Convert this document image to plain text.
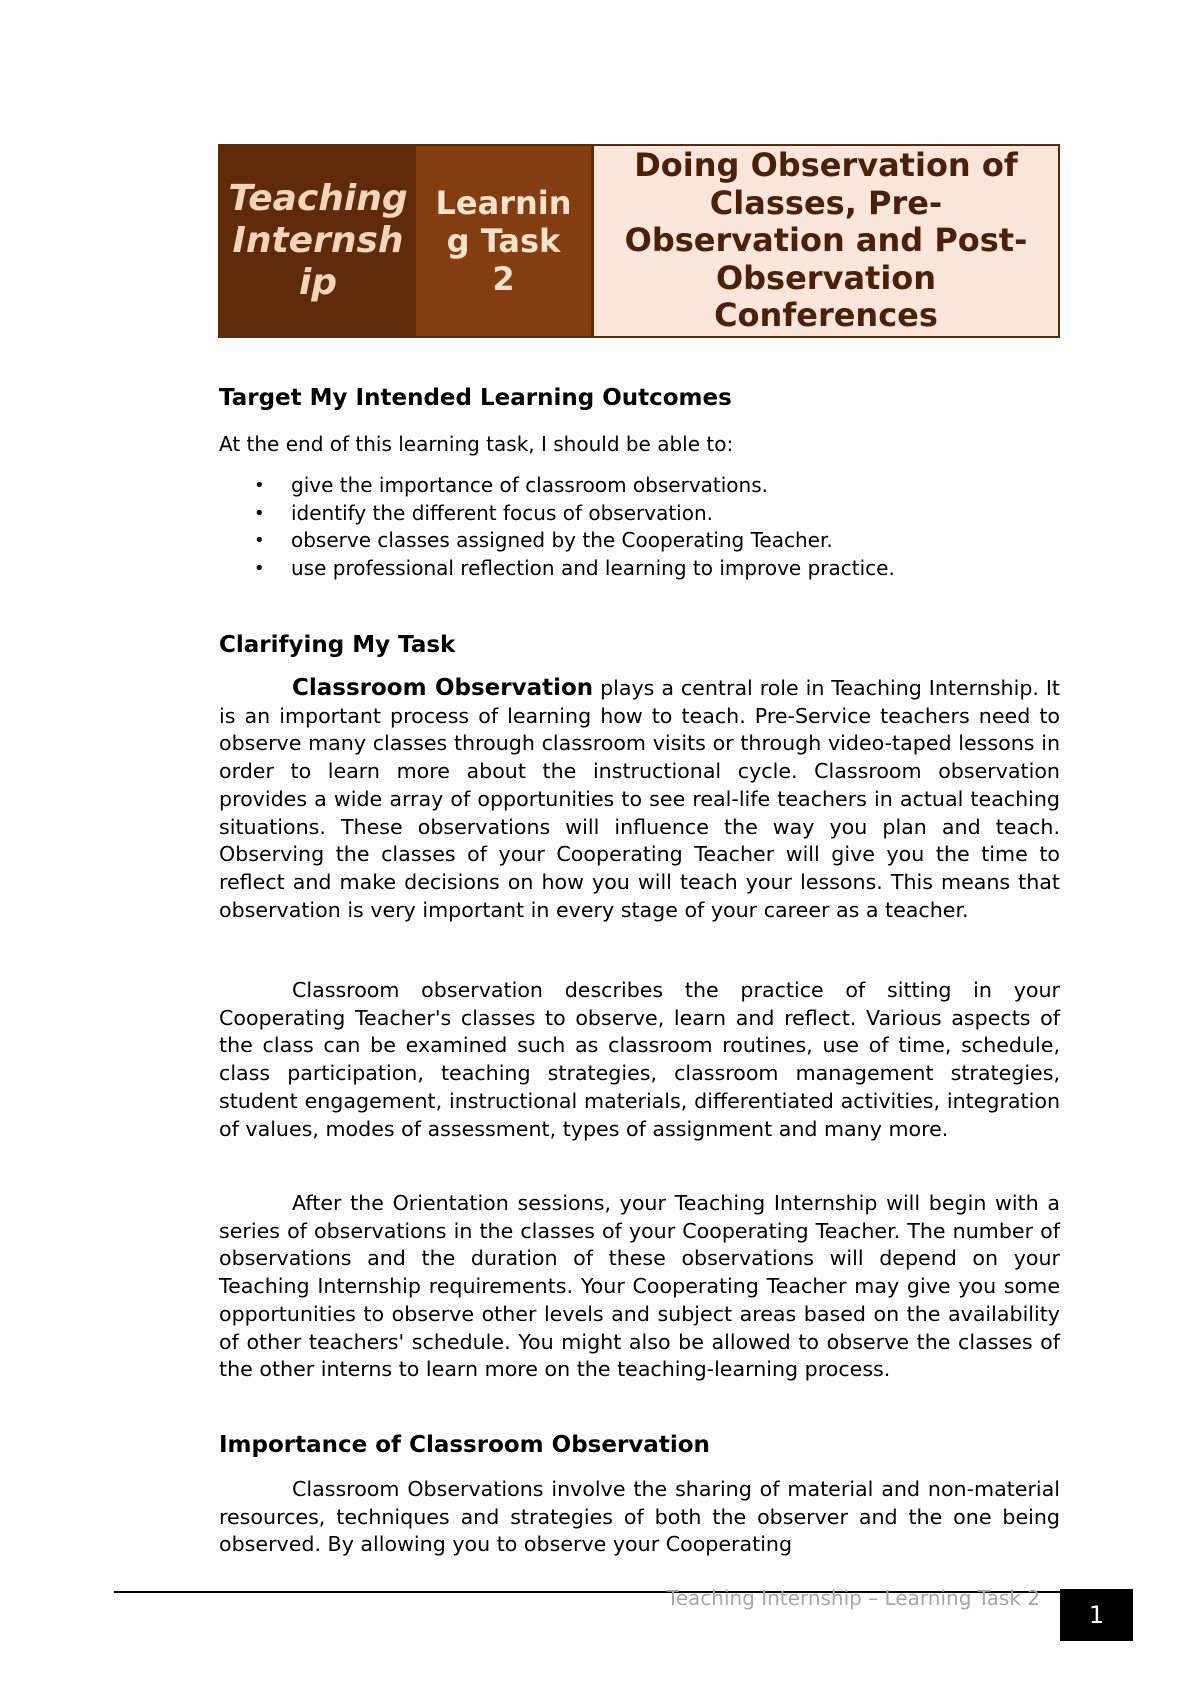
Teaching Internship
Learning Task 2
Doing Observation of Classes, Pre-Observation and Post-Observation Conferences
Target My Intended Learning Outcomes
At the end of this learning task, I should be able to:
• give the importance of classroom observations.
• identify the different focus of observation.
• observe classes assigned by the Cooperating Teacher.
• use professional reflection and learning to improve practice.
Clarifying My Task

Classroom Observation plays a central role in Teaching Internship. It is an important process of learning how to teach. Pre-Service teachers need to observe many classes through classroom visits or through video-taped lessons in order to learn more about the instructional cycle. Classroom observation provides a wide array of opportunities to see real-life teachers in actual teaching situations. These observations will influence the way you plan and teach. Observing the classes of your Cooperating Teacher will give you the time to reflect and make decisions on how you will teach your lessons. This means that observation is very important in every stage of your career as a teacher.

Classroom observation describes the practice of sitting in your Cooperating Teacher's classes to observe, learn and reflect. Various aspects of the class can be examined such as classroom routines, use of time, schedule, class participation, teaching strategies, classroom management strategies, student engagement, instructional materials, differentiated activities, integration of values, modes of assessment, types of assignment and many more.

After the Orientation sessions, your Teaching Internship will begin with a series of observations in the classes of your Cooperating Teacher. The number of observations and the duration of these observations will depend on your Teaching Internship requirements. Your Cooperating Teacher may give you some opportunities to observe other levels and subject areas based on the availability of other teachers' schedule. You might also be allowed to observe the classes of the other interns to learn more on the teaching-learning process.

Importance of Classroom Observation

Classroom Observations involve the sharing of material and non-material resources, techniques and strategies of both the observer and the one being observed. By allowing you to observe your Cooperating

Teaching Internship – Learning Task 2
1
